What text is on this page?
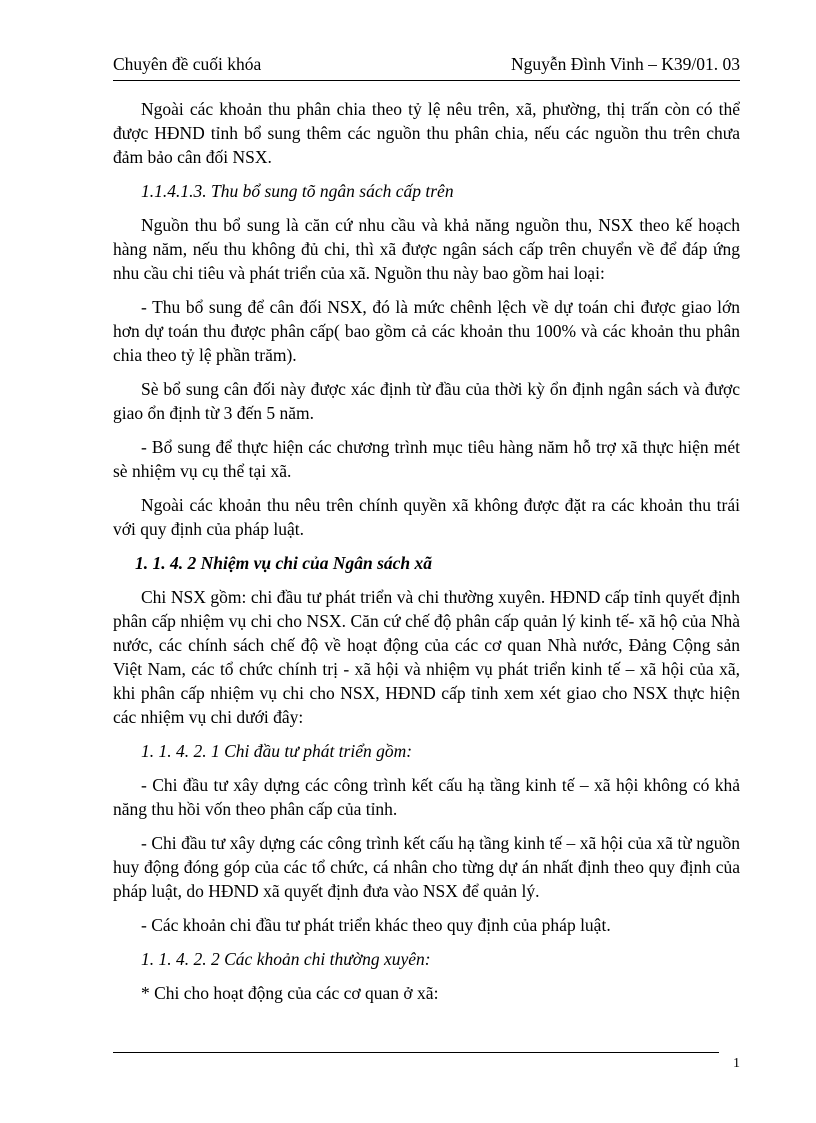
Chuyên đề cuối khóa	Nguyễn Đình Vinh – K39/01. 03

Ngoài các khoản thu phân chia theo tỷ lệ nêu trên, xã, phường, thị trấn còn có thể được HĐND tỉnh bổ sung thêm các nguồn thu phân chia, nếu các nguồn thu trên chưa đảm bảo cân đối NSX.

1.1.4.1.3. Thu bổ sung tõ ngân sách cấp trên

Nguồn thu bổ sung là căn cứ nhu cầu và khả năng nguồn thu, NSX theo kế hoạch hàng năm, nếu thu không đủ chi, thì xã được ngân sách cấp trên chuyển về để đáp ứng nhu cầu chi tiêu và phát triển của xã. Nguồn thu này bao gồm hai loại:

- Thu bổ sung để cân đối NSX, đó là mức chênh lệch về dự toán chi được giao lớn hơn dự toán thu được phân cấp( bao gồm cả các khoản thu 100% và các khoản thu phân chia theo tỷ lệ phần trăm).

Sè bổ sung cân đối này được xác định từ đầu của thời kỳ ổn định ngân sách và được giao ổn định từ 3 đến 5 năm.

- Bổ sung để thực hiện các chương trình mục tiêu hàng năm hỗ trợ xã thực hiện mét sè nhiệm vụ cụ thể tại xã.

Ngoài các khoản thu nêu trên chính quyền xã không được đặt ra các khoản thu trái với quy định của pháp luật.

1. 1. 4. 2 Nhiệm vụ chi của Ngân sách xã

Chi NSX gồm: chi đầu tư phát triển và chi thường xuyên. HĐND cấp tỉnh quyết định phân cấp nhiệm vụ chi cho NSX. Căn cứ chế độ phân cấp quản lý kinh tế- xã hộ của Nhà nước, các chính sách chế độ về hoạt động của các cơ quan Nhà nước, Đảng Cộng sản Việt Nam, các tổ chức chính trị - xã hội và nhiệm vụ phát triển kinh tế – xã hội của xã, khi phân cấp nhiệm vụ chi cho NSX, HĐND cấp tỉnh xem xét giao cho NSX thực hiện các nhiệm vụ chi dưới đây:

1. 1. 4. 2. 1 Chi đầu tư phát triển gồm:

- Chi đầu tư xây dựng các công trình kết cấu hạ tầng kinh tế – xã hội không có khả năng thu hồi vốn theo phân cấp của tỉnh.

- Chi đầu tư xây dựng các công trình kết cấu hạ tầng kinh tế – xã hội của xã từ nguồn huy động đóng góp của các tổ chức, cá nhân cho từng dự án nhất định theo quy định của pháp luật, do HĐND xã quyết định đưa vào NSX để quản lý.

- Các khoản chi đầu tư phát triển khác theo quy định của pháp luật.

1. 1. 4. 2. 2 Các khoản chi thường xuyên:

* Chi cho hoạt động của các cơ quan ở xã:

1
